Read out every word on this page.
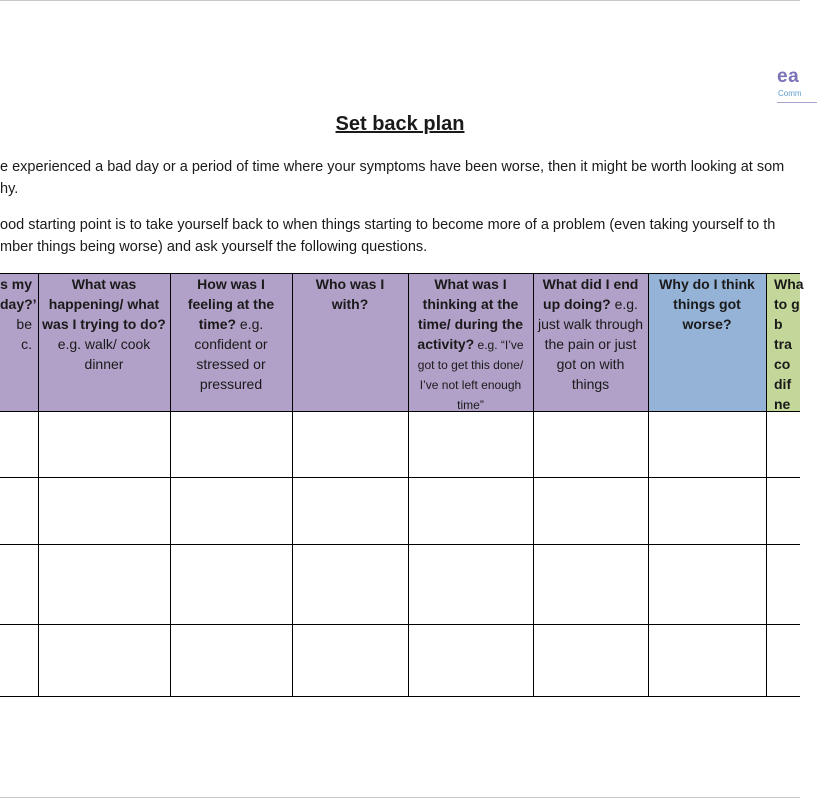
ea
Comm
Set back plan
e experienced a bad day or a period of time where your symptoms have been worse, then it might be worth looking at som
hy.
ood starting point is to take yourself back to when things starting to become more of a problem (even taking yourself to th
mber things being worse) and ask yourself the following questions.
s my
day?’
be
c.
What was happening/ what was I trying to do? e.g. walk/ cook dinner
How was I feeling at the time? e.g. confident or stressed or pressured
Who was I with?
What was I thinking at the time/ during the activity? e.g. “I’ve got to get this done/ I’ve not left enough time”
What did I end up doing? e.g. just walk through the pain or just got on with things
Why do I think things got worse?
Wha
to g
b
tra
co
dif
ne
